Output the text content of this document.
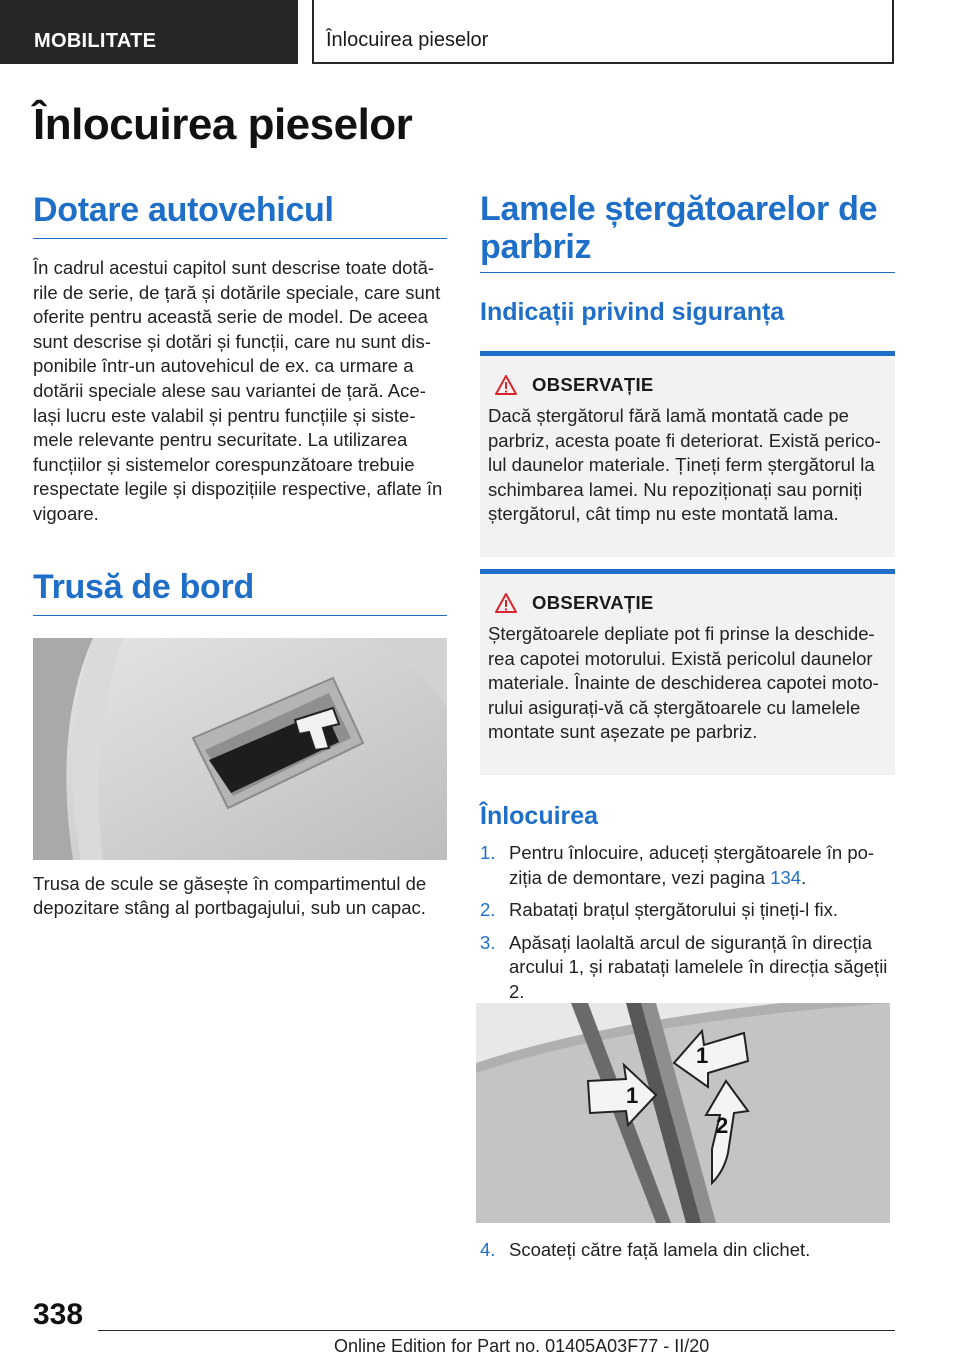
MOBILITATE	Înlocuirea pieselor
Înlocuirea pieselor
Dotare autovehicul

În cadrul acestui capitol sunt descrise toate dotările de serie, de țară și dotările speciale, care sunt oferite pentru această serie de model. De aceea sunt descrise și dotări și funcții, care nu sunt disponibile într-un autovehicul de ex. ca urmare a dotării speciale alese sau variantei de țară. Același lucru este valabil și pentru funcțiile și sistemele relevante pentru securitate. La utilizarea funcțiilor și sistemelor corespunzătoare trebuie respectate legile și dispozițiile respective, aflate în vigoare.

Trusă de bord

Trusa de scule se găsește în compartimentul de depozitare stâng al portbagajului, sub un capac.

Lamele ștergătoarelor de parbriz
Indicații privind siguranța
OBSERVAȚIE

Dacă ștergătorul fără lamă montată cade pe parbriz, acesta poate fi deteriorat. Există pericolul daunelor materiale. Țineți ferm ștergătorul la schimbarea lamei. Nu repoziționați sau porniți ștergătorul, cât timp nu este montată lama.

OBSERVAȚIE

Ștergătoarele depliate pot fi prinse la deschiderea capotei motorului. Există pericolul daunelor materiale. Înainte de deschiderea capotei motorului asigurați-vă că ștergătoarele cu lamelele montate sunt așezate pe parbriz.

Înlocuirea
1. Pentru înlocuire, aduceți ștergătoarele în poziția de demontare, vezi pagina 134.
2. Rabatați brațul ștergătorului și țineți-l fix.
3. Apăsați laolaltă arcul de siguranță în direcția arcului 1, și rabatați lamelele în direcția săgeții 2.
1
1
2
4. Scoateți către față lamela din clichet.
338
Online Edition for Part no. 01405A03F77 - II/20
